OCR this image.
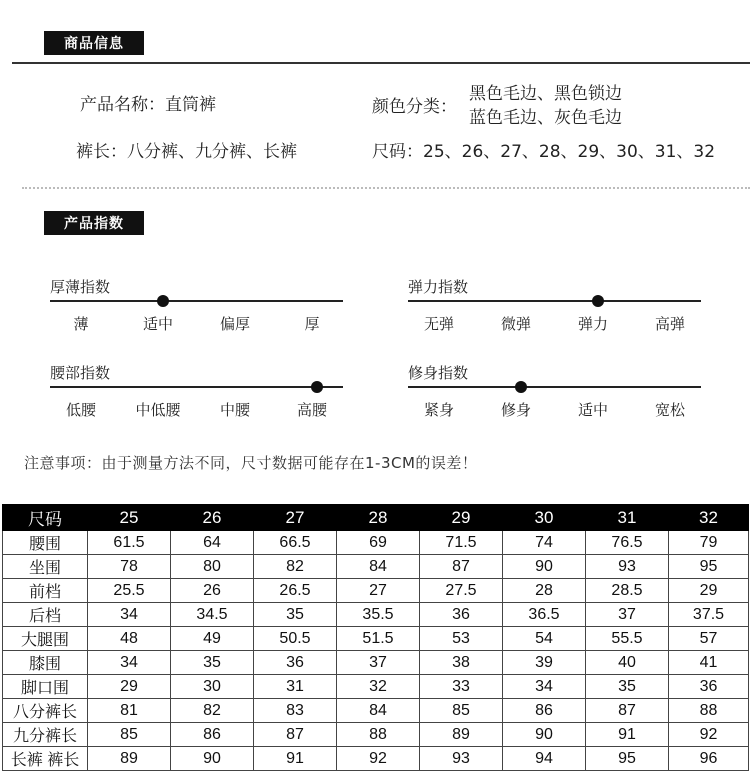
商品信息
产品名称：直筒裤	颜色分类：
黑色毛边、黑色锁边
蓝色毛边、灰色毛边
裤长：八分裤、九分裤、长裤	尺码：25、26、27、28、29、30、31、32
产品指数
厚薄指数
薄	适中	偏厚	厚
弹力指数
无弹	微弹	弹力	高弹
腰部指数
低腰	中低腰	中腰	高腰
修身指数
紧身	修身	适中	宽松
注意事项：由于测量方法不同，尺寸数据可能存在1-3CM的误差！
尺码	25	26	27	28	29	30	31	32
腰围	61.5	64	66.5	69	71.5	74	76.5	79
坐围	78	80	82	84	87	90	93	95
前档	25.5	26	26.5	27	27.5	28	28.5	29
后档	34	34.5	35	35.5	36	36.5	37	37.5
大腿围	48	49	50.5	51.5	53	54	55.5	57
膝围	34	35	36	37	38	39	40	41
脚口围	29	30	31	32	33	34	35	36
八分裤长	81	82	83	84	85	86	87	88
九分裤长	85	86	87	88	89	90	91	92
长裤 裤长	89	90	91	92	93	94	95	96
